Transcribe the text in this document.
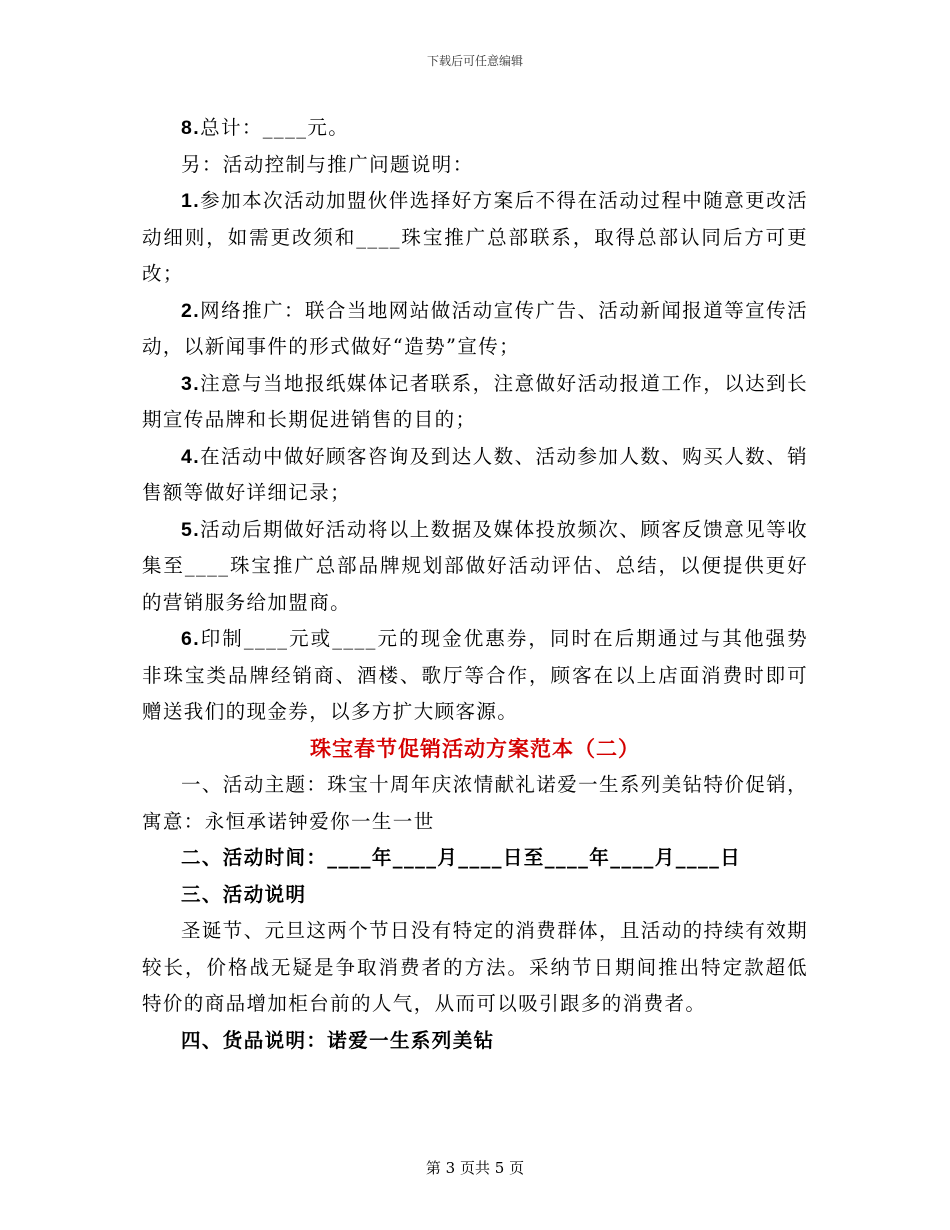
下载后可任意编辑

8.总计：____元。

另：活动控制与推广问题说明：

1.参加本次活动加盟伙伴选择好方案后不得在活动过程中随意更改活动细则，如需更改须和____珠宝推广总部联系，取得总部认同后方可更改；

2.网络推广：联合当地网站做活动宣传广告、活动新闻报道等宣传活动，以新闻事件的形式做好“造势”宣传；

3.注意与当地报纸媒体记者联系，注意做好活动报道工作，以达到长期宣传品牌和长期促进销售的目的；

4.在活动中做好顾客咨询及到达人数、活动参加人数、购买人数、销售额等做好详细记录；

5.活动后期做好活动将以上数据及媒体投放频次、顾客反馈意见等收集至____珠宝推广总部品牌规划部做好活动评估、总结，以便提供更好的营销服务给加盟商。

6.印制____元或____元的现金优惠券，同时在后期通过与其他强势非珠宝类品牌经销商、酒楼、歌厅等合作，顾客在以上店面消费时即可赠送我们的现金券，以多方扩大顾客源。

珠宝春节促销活动方案范本（二）

一、活动主题：珠宝十周年庆浓情献礼诺爱一生系列美钻特价促销，寓意：永恒承诺钟爱你一生一世

二、活动时间：____年____月____日至____年____月____日

三、活动说明

圣诞节、元旦这两个节日没有特定的消费群体，且活动的持续有效期较长，价格战无疑是争取消费者的方法。采纳节日期间推出特定款超低特价的商品增加柜台前的人气，从而可以吸引跟多的消费者。

四、货品说明：诺爱一生系列美钻

第 3 页共 5 页
